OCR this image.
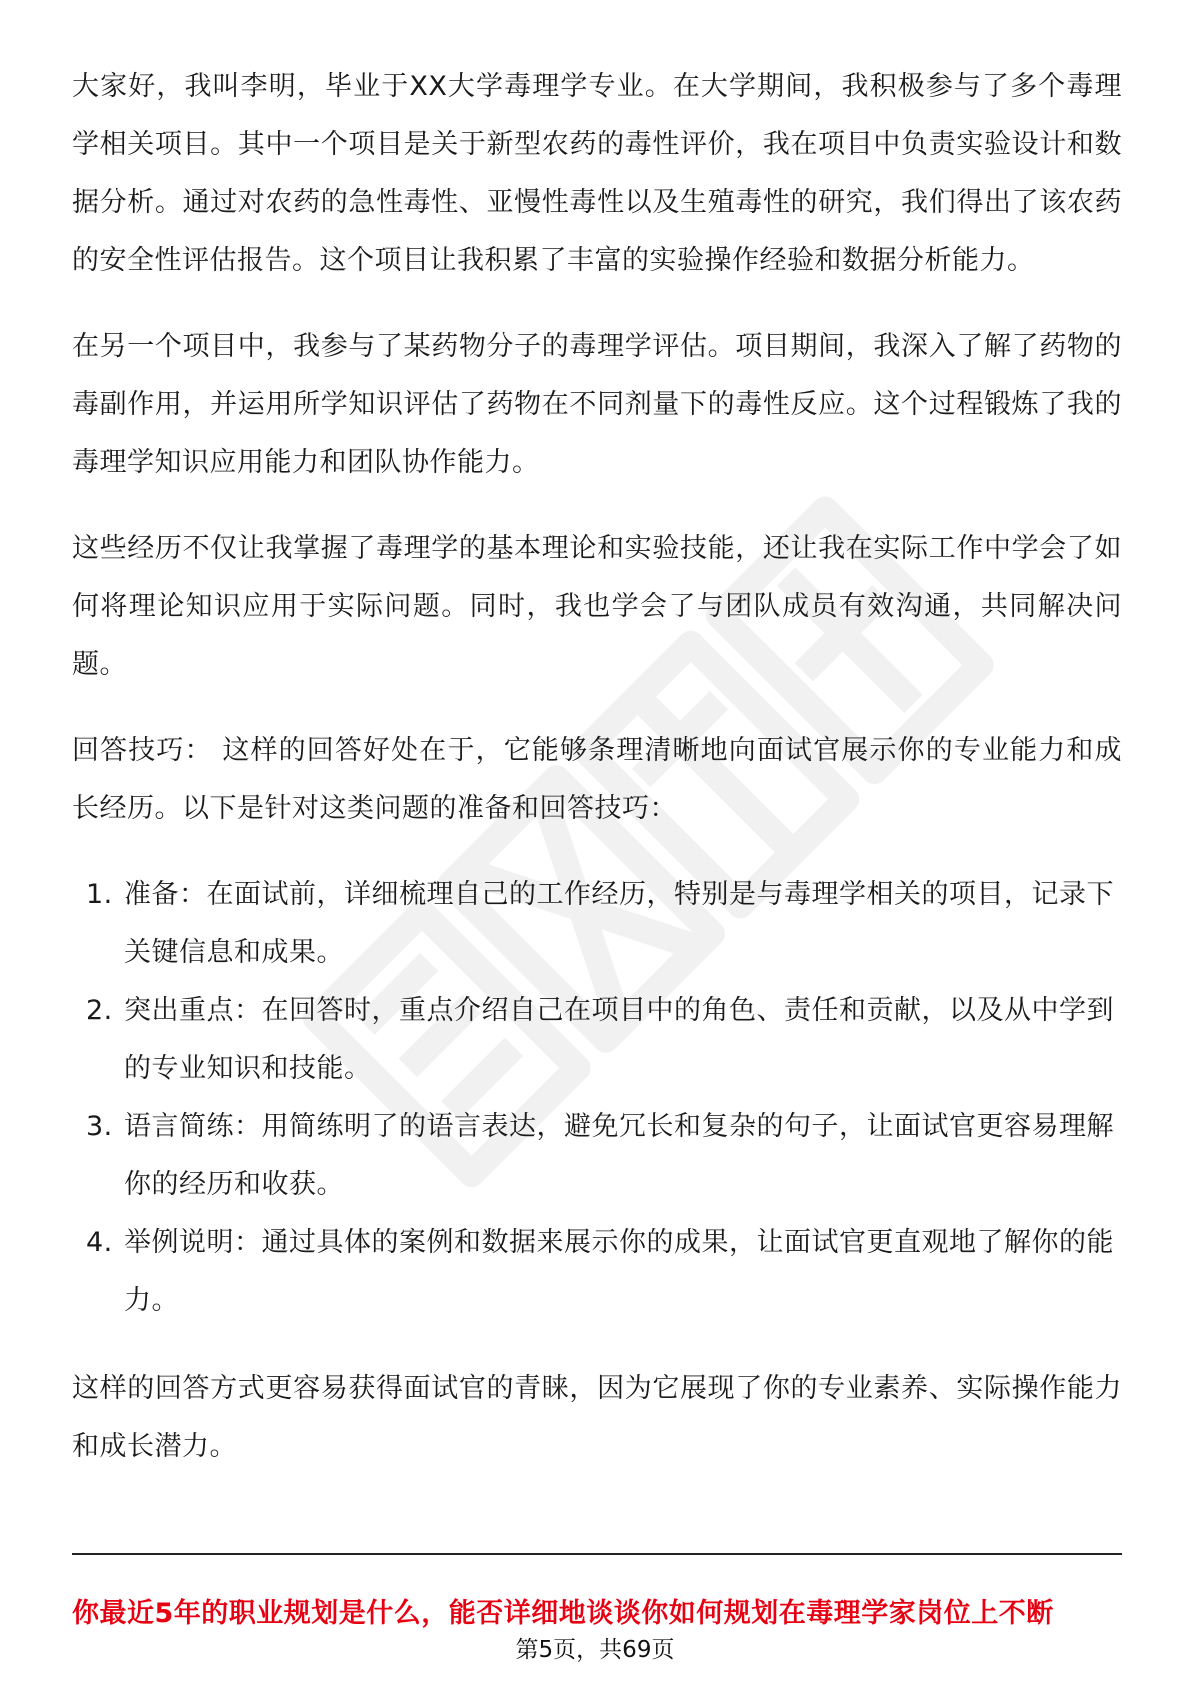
大家好，我叫李明，毕业于XX大学毒理学专业。在大学期间，我积极参与了多个毒理学相关项目。其中一个项目是关于新型农药的毒性评价，我在项目中负责实验设计和数据分析。通过对农药的急性毒性、亚慢性毒性以及生殖毒性的研究，我们得出了该农药的安全性评估报告。这个项目让我积累了丰富的实验操作经验和数据分析能力。

在另一个项目中，我参与了某药物分子的毒理学评估。项目期间，我深入了解了药物的毒副作用，并运用所学知识评估了药物在不同剂量下的毒性反应。这个过程锻炼了我的毒理学知识应用能力和团队协作能力。

这些经历不仅让我掌握了毒理学的基本理论和实验技能，还让我在实际工作中学会了如何将理论知识应用于实际问题。同时，我也学会了与团队成员有效沟通，共同解决问题。

回答技巧： 这样的回答好处在于，它能够条理清晰地向面试官展示你的专业能力和成长经历。以下是针对这类问题的准备和回答技巧：

1. 准备：在面试前，详细梳理自己的工作经历，特别是与毒理学相关的项目，记录下关键信息和成果。
2. 突出重点：在回答时，重点介绍自己在项目中的角色、责任和贡献，以及从中学到的专业知识和技能。
3. 语言简练：用简练明了的语言表达，避免冗长和复杂的句子，让面试官更容易理解你的经历和收获。
4. 举例说明：通过具体的案例和数据来展示你的成果，让面试官更直观地了解你的能力。

这样的回答方式更容易获得面试官的青睐，因为它展现了你的专业素养、实际操作能力和成长潜力。

你最近5年的职业规划是什么，能否详细地谈谈你如何规划在毒理学家岗位上不断
第5页，共69页
